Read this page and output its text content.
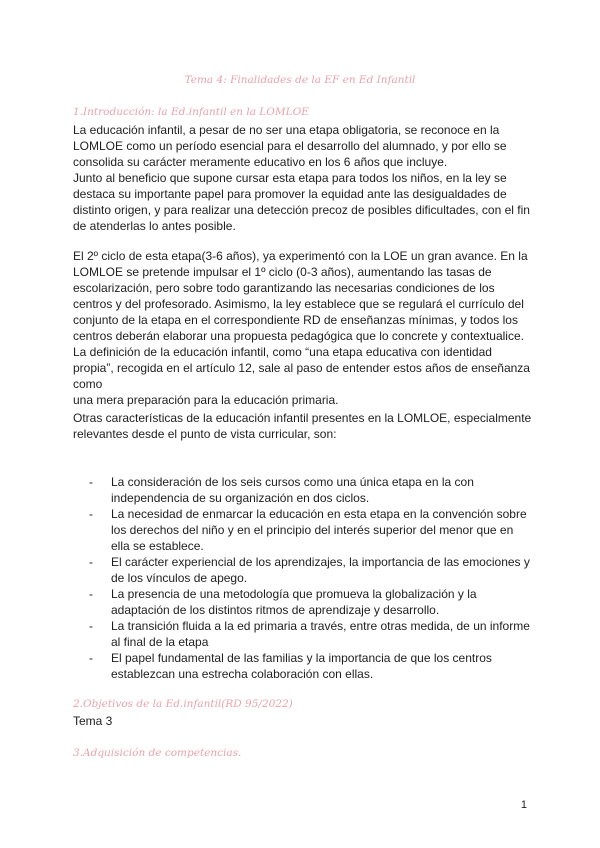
Tema 4: Finalidades de la EF en Ed Infantil
1.Introducción: la Ed.infantil en la LOMLOE

La educación infantil, a pesar de no ser una etapa obligatoria, se reconoce en la LOMLOE como un período esencial para el desarrollo del alumnado, y por ello se consolida su carácter meramente educativo en los 6 años que incluye.

Junto al beneficio que supone cursar esta etapa para todos los niños, en la ley se destaca su importante papel para promover la equidad ante las desigualdades de distinto origen, y para realizar una detección precoz de posibles dificultades, con el fin de atenderlas lo antes posible.

El 2º ciclo de esta etapa(3-6 años), ya experimentó con la LOE un gran avance. En la LOMLOE se pretende impulsar el 1º ciclo (0-3 años), aumentando las tasas de escolarización, pero sobre todo garantizando las necesarias condiciones de los centros y del profesorado. Asimismo, la ley establece que se regulará el currículo del conjunto de la etapa en el correspondiente RD de enseñanzas mínimas, y todos los centros deberán elaborar una propuesta pedagógica que lo concrete y contextualice.

La definición de la educación infantil, como “una etapa educativa con identidad propia”, recogida en el artículo 12, sale al paso de entender estos años de enseñanza como

una mera preparación para la educación primaria.

Otras características de la educación infantil presentes en la LOMLOE, especialmente relevantes desde el punto de vista curricular, son:

- La consideración de los seis cursos como una única etapa en la con independencia de su organización en dos ciclos.
- La necesidad de enmarcar la educación en esta etapa en la convención sobre los derechos del niño y en el principio del interés superior del menor que en ella se establece.
- El carácter experiencial de los aprendizajes, la importancia de las emociones y de los vínculos de apego.
- La presencia de una metodología que promueva la globalización y la adaptación de los distintos ritmos de aprendizaje y desarrollo.
- La transición fluida a la ed primaria a través, entre otras medida, de un informe al final de la etapa
- El papel fundamental de las familias y la importancia de que los centros establezcan una estrecha colaboración con ellas.
2.Objetivos de la Ed.infantil(RD 95/2022)

Tema 3

3.Adquisición de competencias.

1
